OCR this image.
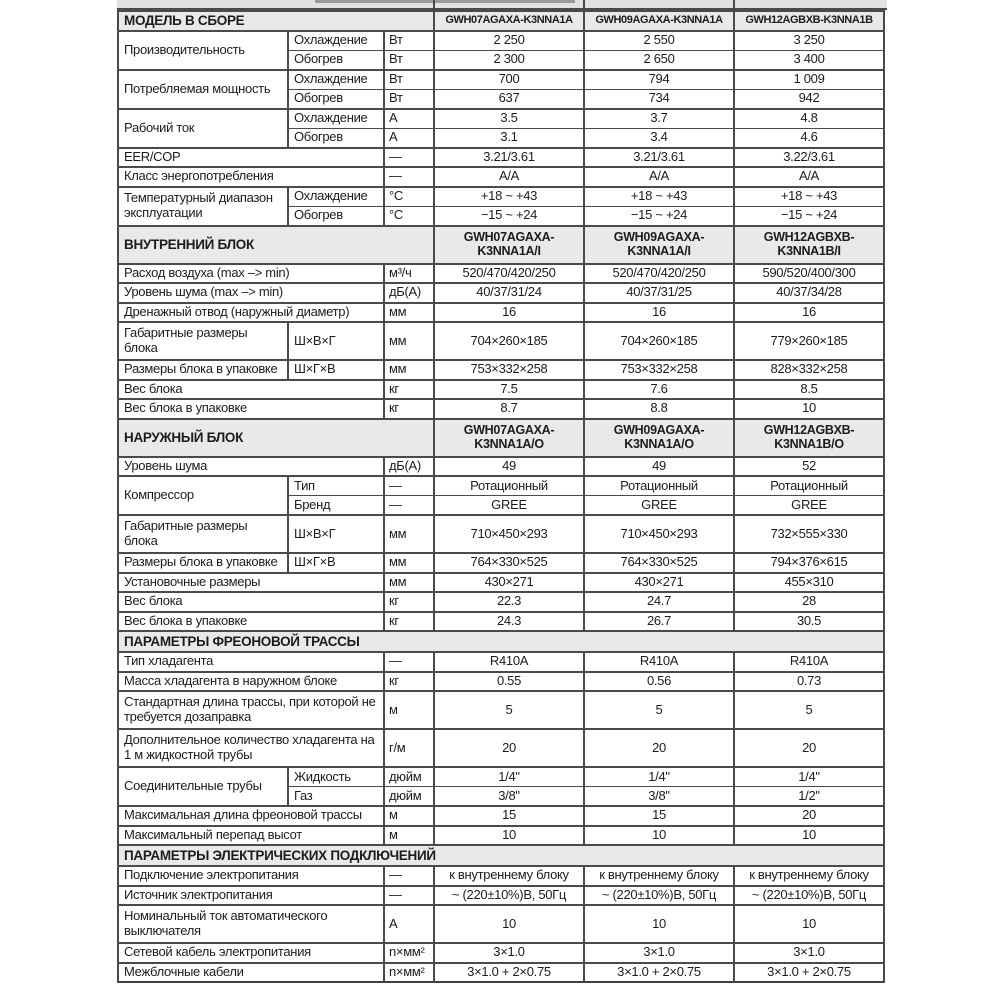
МОДЕЛЬ В СБОРЕ			GWH07AGAXA-K3NNA1A	GWH09AGAXA-K3NNA1A	GWH12AGBXB-K3NNA1B
Производительность	Охлаждение	Вт	2 250	2 550	3 250
	Обогрев	Вт	2 300	2 650	3 400
Потребляемая мощность	Охлаждение	Вт	700	794	1 009
	Обогрев	Вт	637	734	942
Рабочий ток	Охлаждение	А	3.5	3.7	4.8
	Обогрев	А	3.1	3.4	4.6
EER/COP		—	3.21/3.61	3.21/3.61	3.22/3.61
Класс энергопотребления		—	А/А	А/А	А/А
Температурный диапазон эксплуатации	Охлаждение	°С	+18 ~ +43	+18 ~ +43	+18 ~ +43
	Обогрев	°С	−15 ~ +24	−15 ~ +24	−15 ~ +24
ВНУТРЕННИЙ БЛОК			GWH07AGAXA-K3NNA1A/I	GWH09AGAXA-K3NNA1A/I	GWH12AGBXB-K3NNA1B/I
Расход воздуха (max –> min)		м³/ч	520/470/420/250	520/470/420/250	590/520/400/300
Уровень шума (max –> min)		дБ(А)	40/37/31/24	40/37/31/25	40/37/34/28
Дренажный отвод (наружный диаметр)		мм	16	16	16
Габаритные размеры блока	Ш×В×Г	мм	704×260×185	704×260×185	779×260×185
Размеры блока в упаковке	Ш×Г×В	мм	753×332×258	753×332×258	828×332×258
Вес блока		кг	7.5	7.6	8.5
Вес блока в упаковке		кг	8.7	8.8	10
НАРУЖНЫЙ БЛОК			GWH07AGAXA-K3NNA1A/O	GWH09AGAXA-K3NNA1A/O	GWH12AGBXB-K3NNA1B/O
Уровень шума		дБ(А)	49	49	52
Компрессор	Тип	—	Ротационный	Ротационный	Ротационный
	Бренд	—	GREE	GREE	GREE
Габаритные размеры блока	Ш×В×Г	мм	710×450×293	710×450×293	732×555×330
Размеры блока в упаковке	Ш×Г×В	мм	764×330×525	764×330×525	794×376×615
Установочные размеры		мм	430×271	430×271	455×310
Вес блока		кг	22.3	24.7	28
Вес блока в упаковке		кг	24.3	26.7	30.5
ПАРАМЕТРЫ ФРЕОНОВОЙ ТРАССЫ					
Тип хладагента		—	R410A	R410A	R410A
Масса хладагента в наружном блоке		кг	0.55	0.56	0.73
Стандартная длина трассы, при которой не требуется дозаправка		м	5	5	5
Дополнительное количество хладагента на 1 м жидкостной трубы		г/м	20	20	20
Соединительные трубы	Жидкость	дюйм	1/4"	1/4"	1/4"
	Газ	дюйм	3/8"	3/8"	1/2"
Максимальная длина фреоновой трассы		м	15	15	20
Максимальный перепад высот		м	10	10	10
ПАРАМЕТРЫ ЭЛЕКТРИЧЕСКИХ ПОДКЛЮЧЕНИЙ					
Подключение электропитания		—	к внутреннему блоку	к внутреннему блоку	к внутреннему блоку
Источник электропитания		—	~ (220±10%)В, 50Гц	~ (220±10%)В, 50Гц	~ (220±10%)В, 50Гц
Номинальный ток автоматического выключателя		А	10	10	10
Сетевой кабель электропитания		n×мм²	3×1.0	3×1.0	3×1.0
Межблочные кабели		n×мм²	3×1.0 + 2×0.75	3×1.0 + 2×0.75	3×1.0 + 2×0.75
